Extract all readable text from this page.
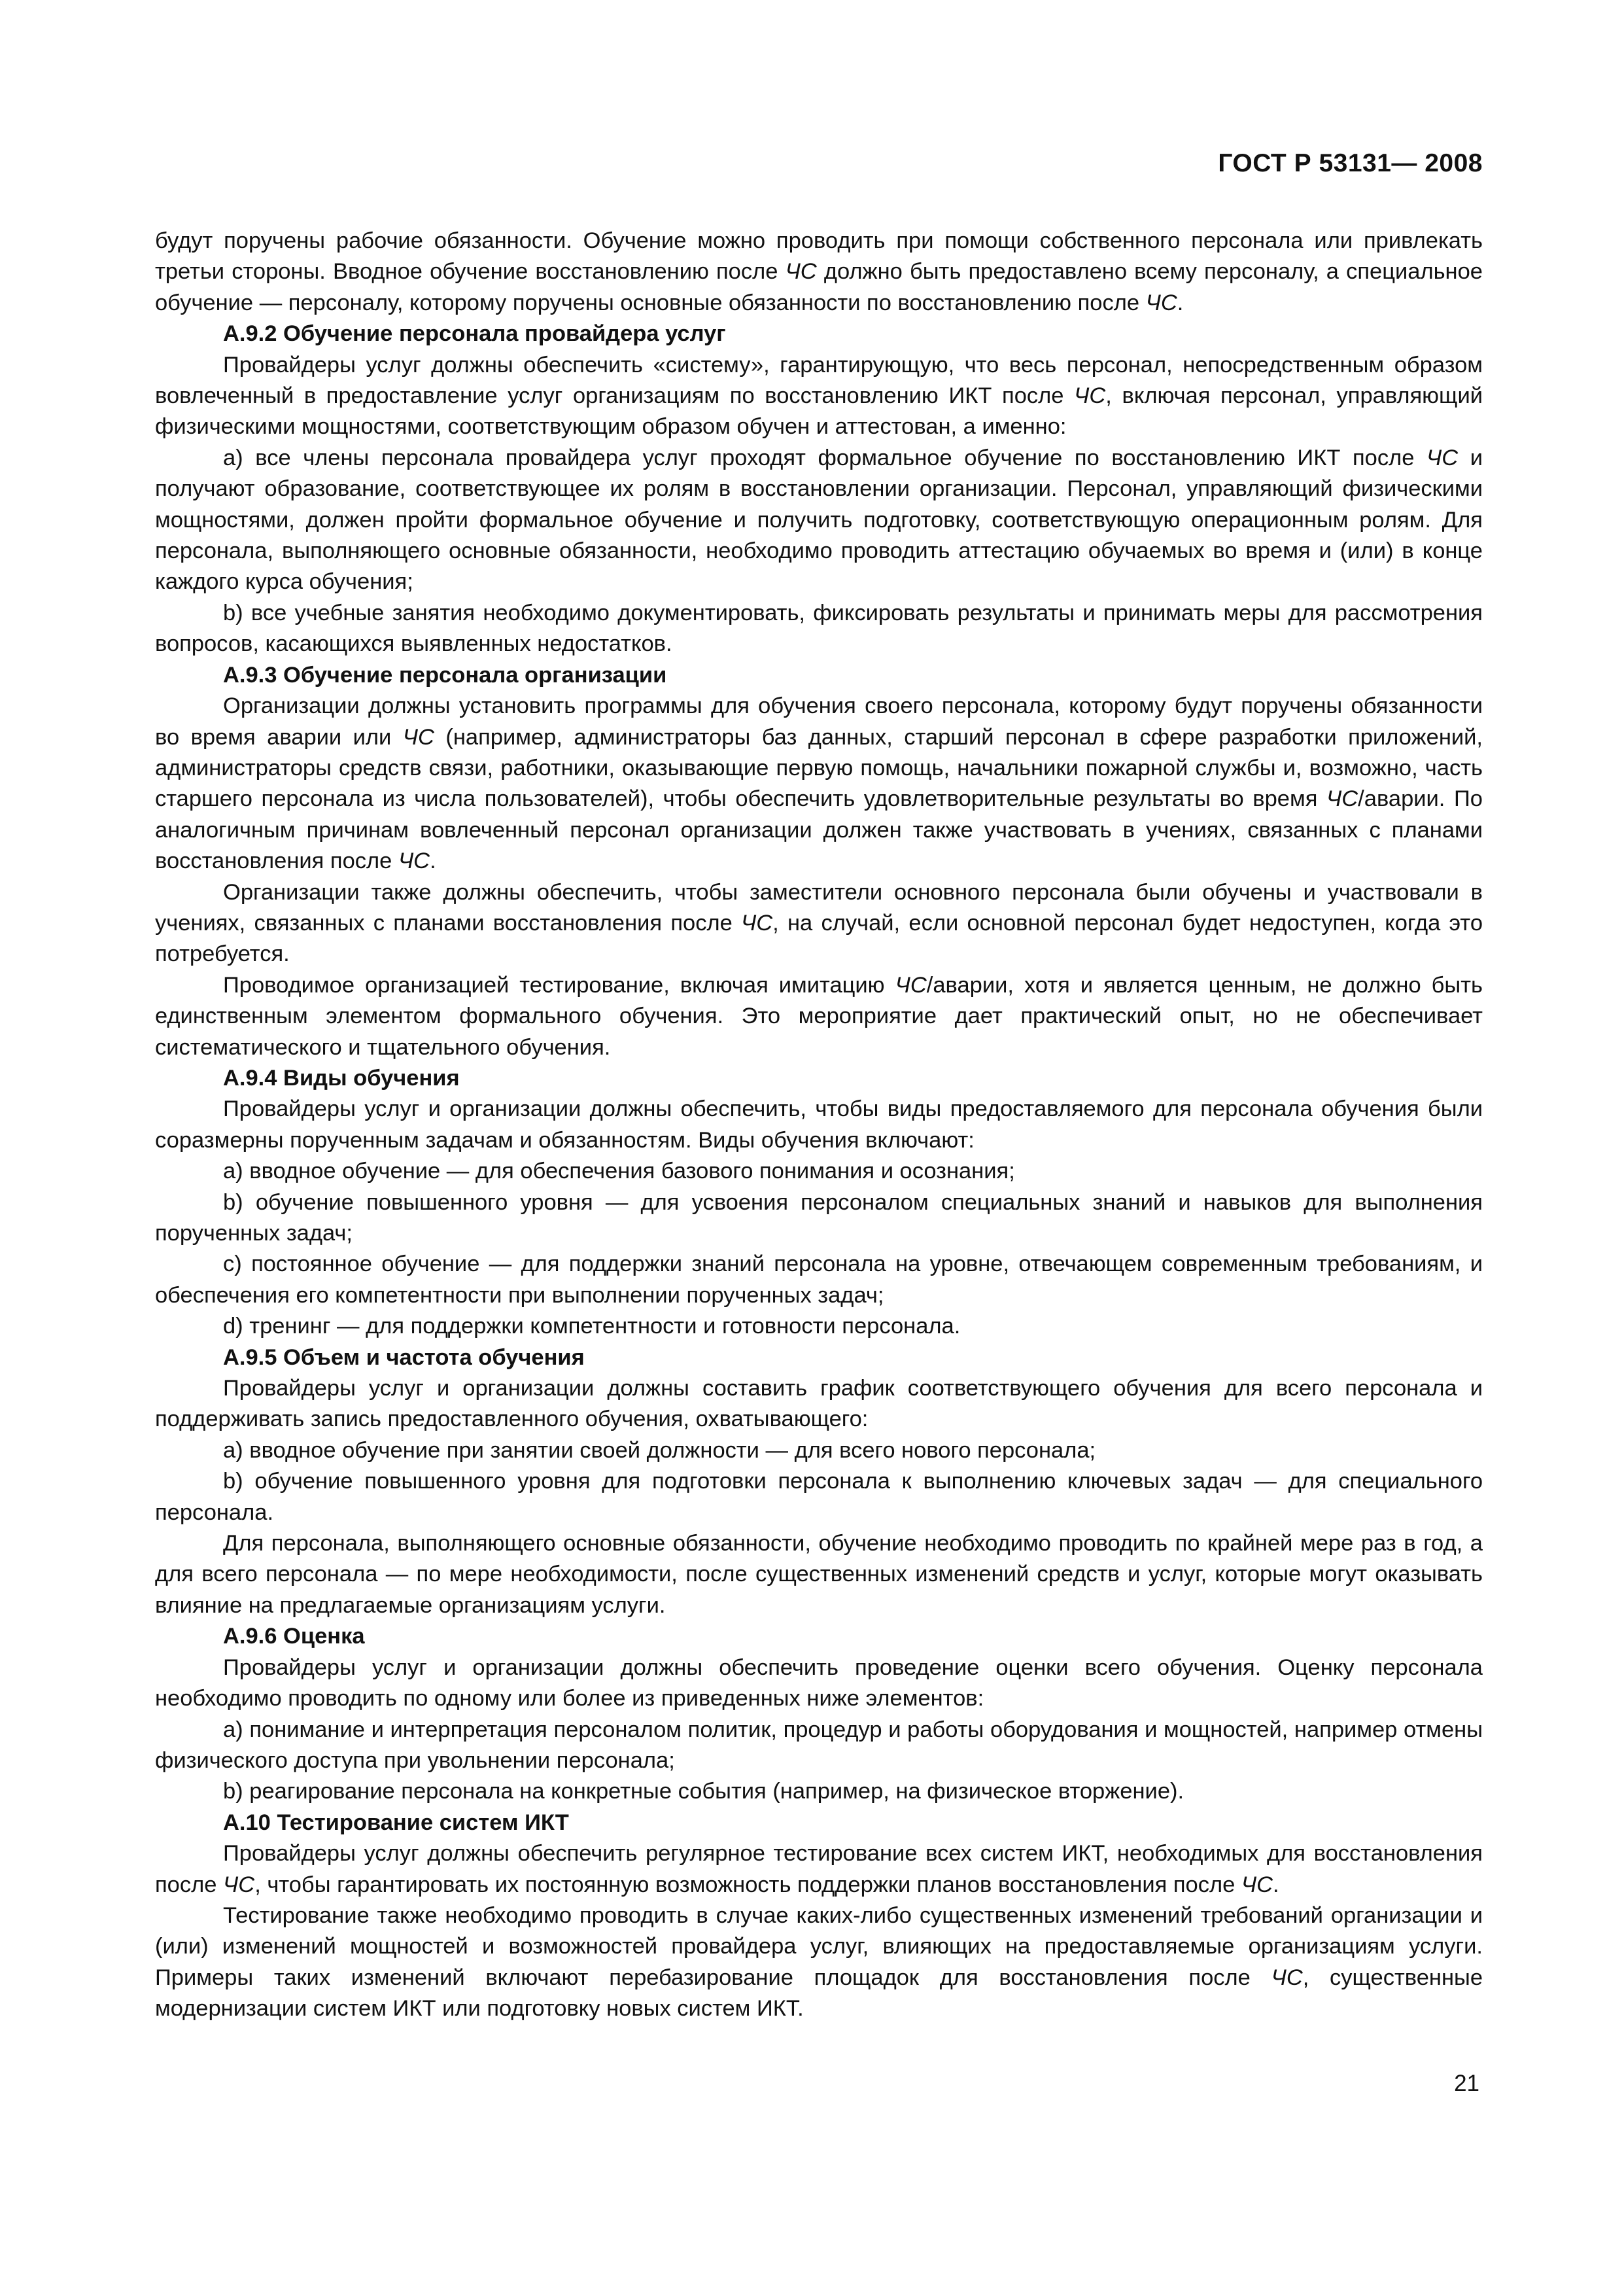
ГОСТ Р 53131— 2008

будут поручены рабочие обязанности. Обучение можно проводить при помощи собственного персонала или привлекать третьи стороны. Вводное обучение восстановлению после ЧС должно быть предоставлено всему персоналу, а специальное обучение — персоналу, которому поручены основные обязанности по восстановлению после ЧС.

А.9.2 Обучение персонала провайдера услуг

Провайдеры услуг должны обеспечить «систему», гарантирующую, что весь персонал, непосредственным образом вовлеченный в предоставление услуг организациям по восстановлению ИКТ после ЧС, включая персонал, управляющий физическими мощностями, соответствующим образом обучен и аттестован, а именно:

а) все члены персонала провайдера услуг проходят формальное обучение по восстановлению ИКТ после ЧС и получают образование, соответствующее их ролям в восстановлении организации. Персонал, управляющий физическими мощностями, должен пройти формальное обучение и получить подготовку, соответствующую операционным ролям. Для персонала, выполняющего основные обязанности, необходимо проводить аттестацию обучаемых во время и (или) в конце каждого курса обучения;

b) все учебные занятия необходимо документировать, фиксировать результаты и принимать меры для рассмотрения вопросов, касающихся выявленных недостатков.

А.9.3 Обучение персонала организации

Организации должны установить программы для обучения своего персонала, которому будут поручены обязанности во время аварии или ЧС (например, администраторы баз данных, старший персонал в сфере разработки приложений, администраторы средств связи, работники, оказывающие первую помощь, начальники пожарной службы и, возможно, часть старшего персонала из числа пользователей), чтобы обеспечить удовлетворительные результаты во время ЧС/аварии. По аналогичным причинам вовлеченный персонал организации должен также участвовать в учениях, связанных с планами восстановления после ЧС.

Организации также должны обеспечить, чтобы заместители основного персонала были обучены и участвовали в учениях, связанных с планами восстановления после ЧС, на случай, если основной персонал будет недоступен, когда это потребуется.

Проводимое организацией тестирование, включая имитацию ЧС/аварии, хотя и является ценным, не должно быть единственным элементом формального обучения. Это мероприятие дает практический опыт, но не обеспечивает систематического и тщательного обучения.

А.9.4 Виды обучения

Провайдеры услуг и организации должны обеспечить, чтобы виды предоставляемого для персонала обучения были соразмерны порученным задачам и обязанностям. Виды обучения включают:

а) вводное обучение — для обеспечения базового понимания и осознания;

b) обучение повышенного уровня — для усвоения персоналом специальных знаний и навыков для выполнения порученных задач;

с) постоянное обучение — для поддержки знаний персонала на уровне, отвечающем современным требованиям, и обеспечения его компетентности при выполнении порученных задач;

d) тренинг — для поддержки компетентности и готовности персонала.

А.9.5 Объем и частота обучения

Провайдеры услуг и организации должны составить график соответствующего обучения для всего персонала и поддерживать запись предоставленного обучения, охватывающего:

а) вводное обучение при занятии своей должности — для всего нового персонала;

b) обучение повышенного уровня для подготовки персонала к выполнению ключевых задач — для специального персонала.

Для персонала, выполняющего основные обязанности, обучение необходимо проводить по крайней мере раз в год, а для всего персонала — по мере необходимости, после существенных изменений средств и услуг, которые могут оказывать влияние на предлагаемые организациям услуги.

А.9.6 Оценка

Провайдеры услуг и организации должны обеспечить проведение оценки всего обучения. Оценку персонала необходимо проводить по одному или более из приведенных ниже элементов:

а) понимание и интерпретация персоналом политик, процедур и работы оборудования и мощностей, например отмены физического доступа при увольнении персонала;

b) реагирование персонала на конкретные события (например, на физическое вторжение).

А.10 Тестирование систем ИКТ

Провайдеры услуг должны обеспечить регулярное тестирование всех систем ИКТ, необходимых для восстановления после ЧС, чтобы гарантировать их постоянную возможность поддержки планов восстановления после ЧС.

Тестирование также необходимо проводить в случае каких-либо существенных изменений требований организации и (или) изменений мощностей и возможностей провайдера услуг, влияющих на предоставляемые организациям услуги. Примеры таких изменений включают перебазирование площадок для восстановления после ЧС, существенные модернизации систем ИКТ или подготовку новых систем ИКТ.

21
